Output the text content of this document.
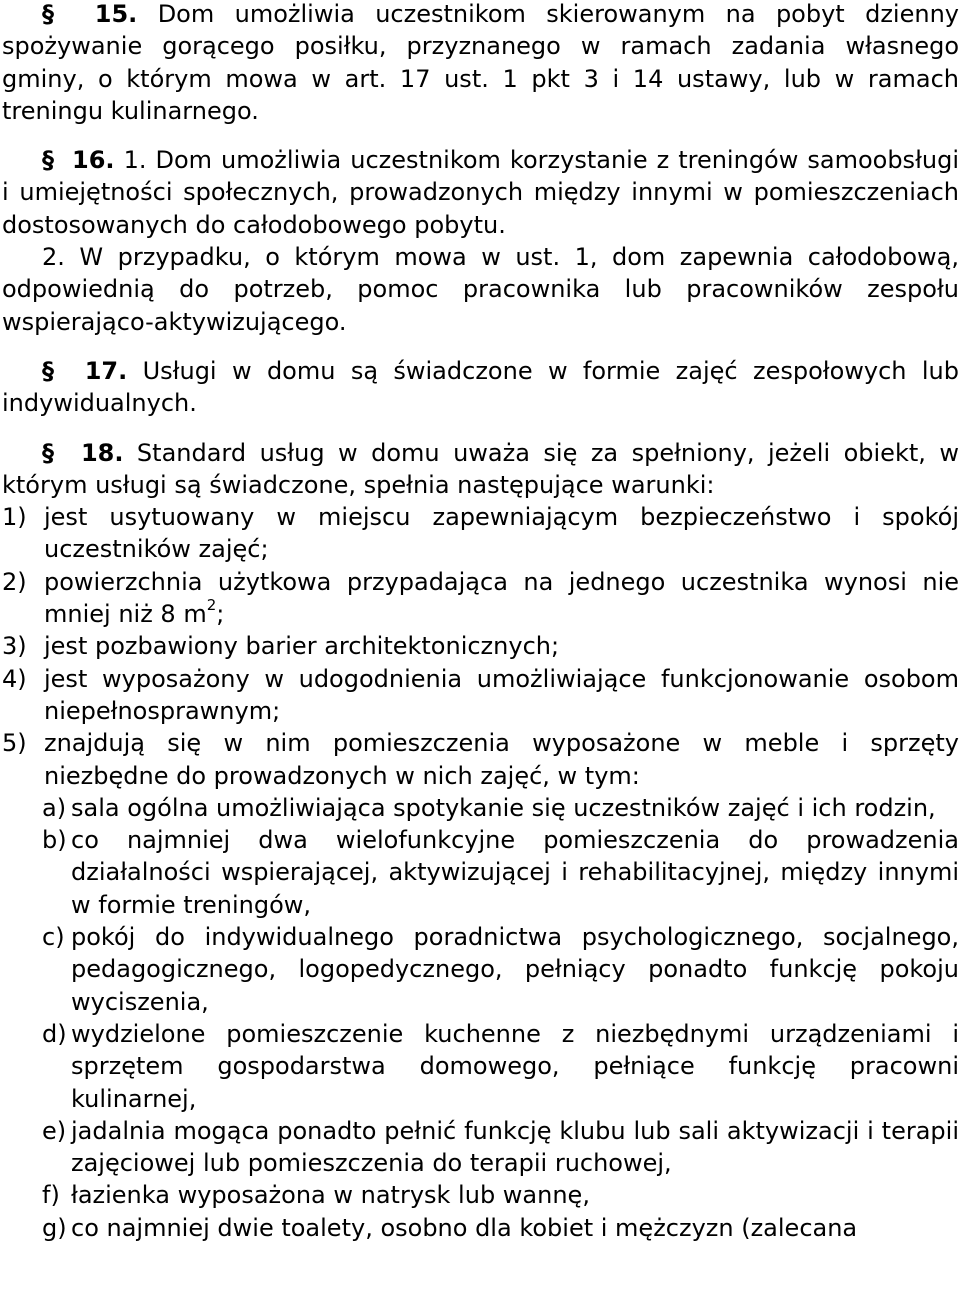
§ 15. Dom umożliwia uczestnikom skierowanym na pobyt dzienny spożywanie gorącego posiłku, przyznanego w ramach zadania własnego gminy, o którym mowa w art. 17 ust. 1 pkt 3 i 14 ustawy, lub w ramach treningu kulinarnego.

§ 16. 1. Dom umożliwia uczestnikom korzystanie z treningów samoobsługi i umiejętności społecznych, prowadzonych między innymi w pomieszczeniach dostosowanych do całodobowego pobytu.

2. W przypadku, o którym mowa w ust. 1, dom zapewnia całodobową, odpowiednią do potrzeb, pomoc pracownika lub pracowników zespołu wspierająco-aktywizującego.

§ 17. Usługi w domu są świadczone w formie zajęć zespołowych lub indywidualnych.

§ 18. Standard usług w domu uważa się za spełniony, jeżeli obiekt, w którym usługi są świadczone, spełnia następujące warunki:

1) jest usytuowany w miejscu zapewniającym bezpieczeństwo i spokój uczestników zajęć;
2) powierzchnia użytkowa przypadająca na jednego uczestnika wynosi nie mniej niż 8 $m^2$;
3) jest pozbawiony barier architektonicznych;
4) jest wyposażony w udogodnienia umożliwiające funkcjonowanie osobom niepełnosprawnym;
5) znajdują się w nim pomieszczenia wyposażone w meble i sprzęty niezbędne do prowadzonych w nich zajęć, w tym:
a) sala ogólna umożliwiająca spotykanie się uczestników zajęć i ich rodzin,
b) co najmniej dwa wielofunkcyjne pomieszczenia do prowadzenia działalności wspierającej, aktywizującej i rehabilitacyjnej, między innymi w formie treningów,
c) pokój do indywidualnego poradnictwa psychologicznego, socjalnego, pedagogicznego, logopedycznego, pełniący ponadto funkcję pokoju wyciszenia,
d) wydzielone pomieszczenie kuchenne z niezbędnymi urządzeniami i sprzętem gospodarstwa domowego, pełniące funkcję pracowni kulinarnej,
e) jadalnia mogąca ponadto pełnić funkcję klubu lub sali aktywizacji i terapii zajęciowej lub pomieszczenia do terapii ruchowej,
f) łazienka wyposażona w natrysk lub wannę,
g) co najmniej dwie toalety, osobno dla kobiet i mężczyzn (zalecana
